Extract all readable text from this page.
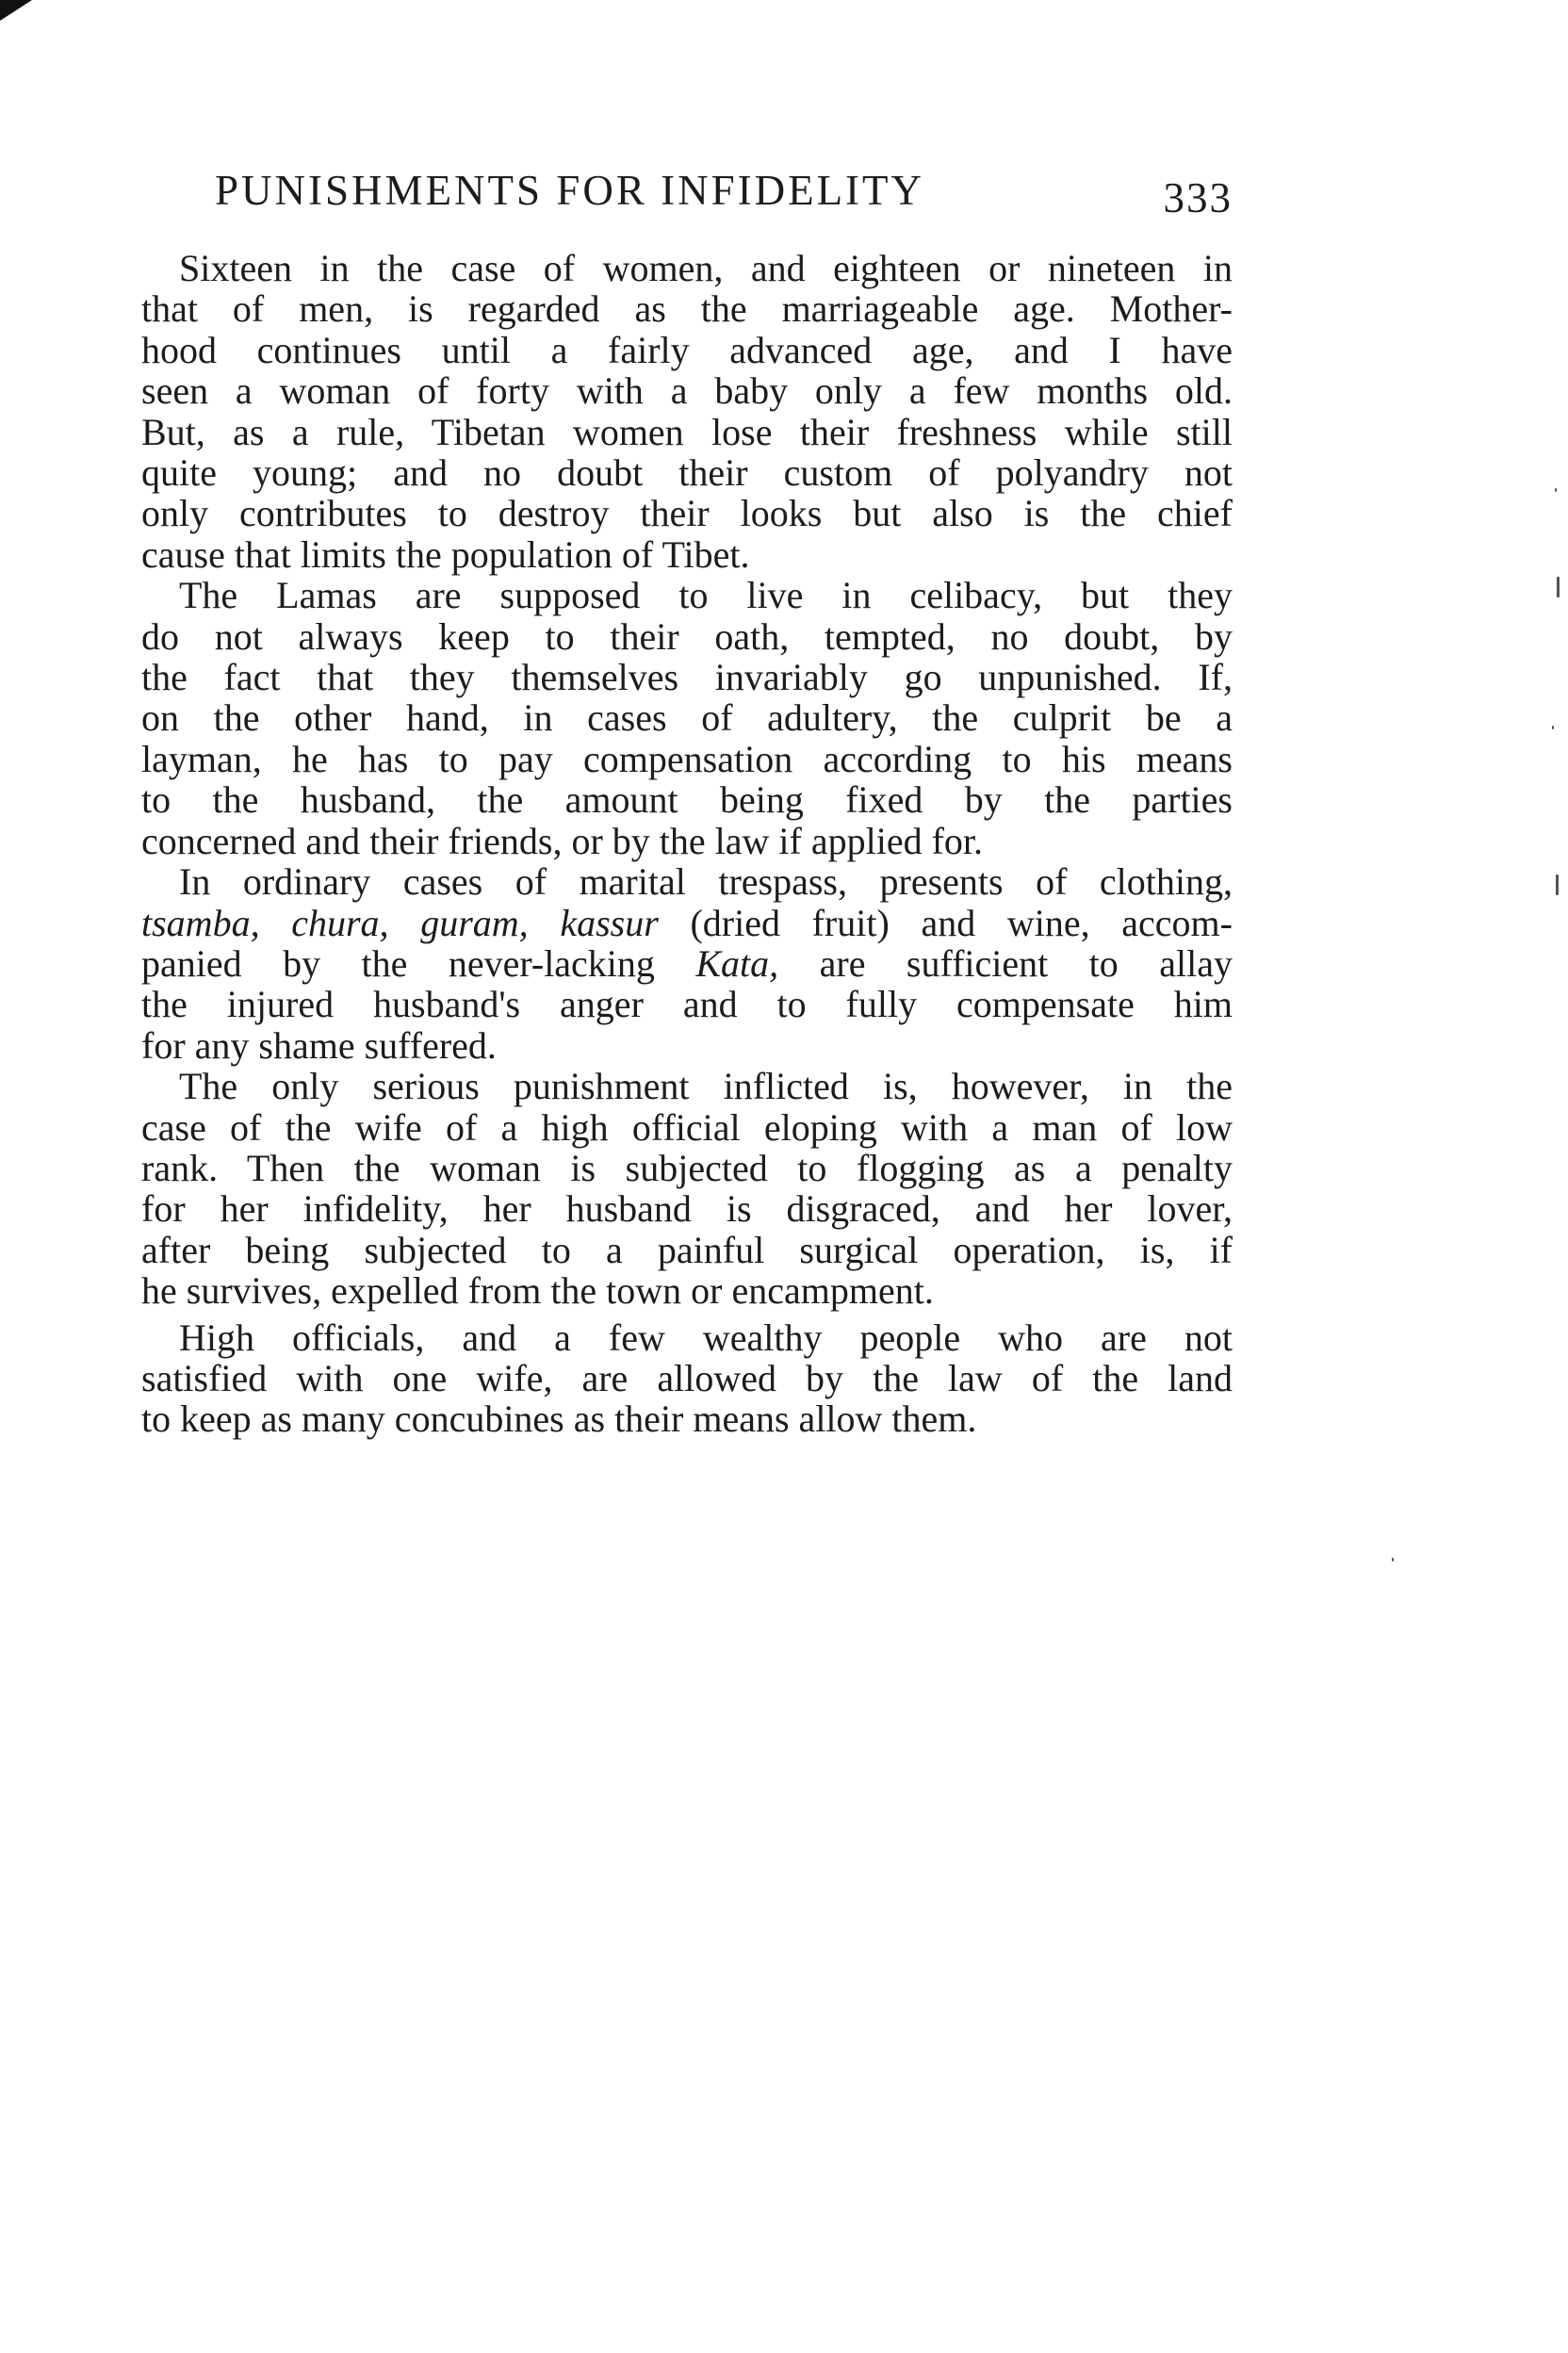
PUNISHMENTS FOR INFIDELITY	333
Sixteen in the case of women, and eighteen or nineteen in
that of men, is regarded as the marriageable age. Mother-
hood continues until a fairly advanced age, and I have
seen a woman of forty with a baby only a few months old.
But, as a rule, Tibetan women lose their freshness while still
quite young; and no doubt their custom of polyandry not
only contributes to destroy their looks but also is the chief
cause that limits the population of Tibet.
The Lamas are supposed to live in celibacy, but they
do not always keep to their oath, tempted, no doubt, by
the fact that they themselves invariably go unpunished. If,
on the other hand, in cases of adultery, the culprit be a
layman, he has to pay compensation according to his means
to the husband, the amount being fixed by the parties
concerned and their friends, or by the law if applied for.
In ordinary cases of marital trespass, presents of clothing,
tsamba, chura, guram, kassur (dried fruit) and wine, accom-
panied by the never-lacking Kata, are sufficient to allay
the injured husband's anger and to fully compensate him
for any shame suffered.
The only serious punishment inflicted is, however, in the
case of the wife of a high official eloping with a man of low
rank. Then the woman is subjected to flogging as a penalty
for her infidelity, her husband is disgraced, and her lover,
after being subjected to a painful surgical operation, is, if
he survives, expelled from the town or encampment.
High officials, and a few wealthy people who are not
satisfied with one wife, are allowed by the law of the land
to keep as many concubines as their means allow them.
